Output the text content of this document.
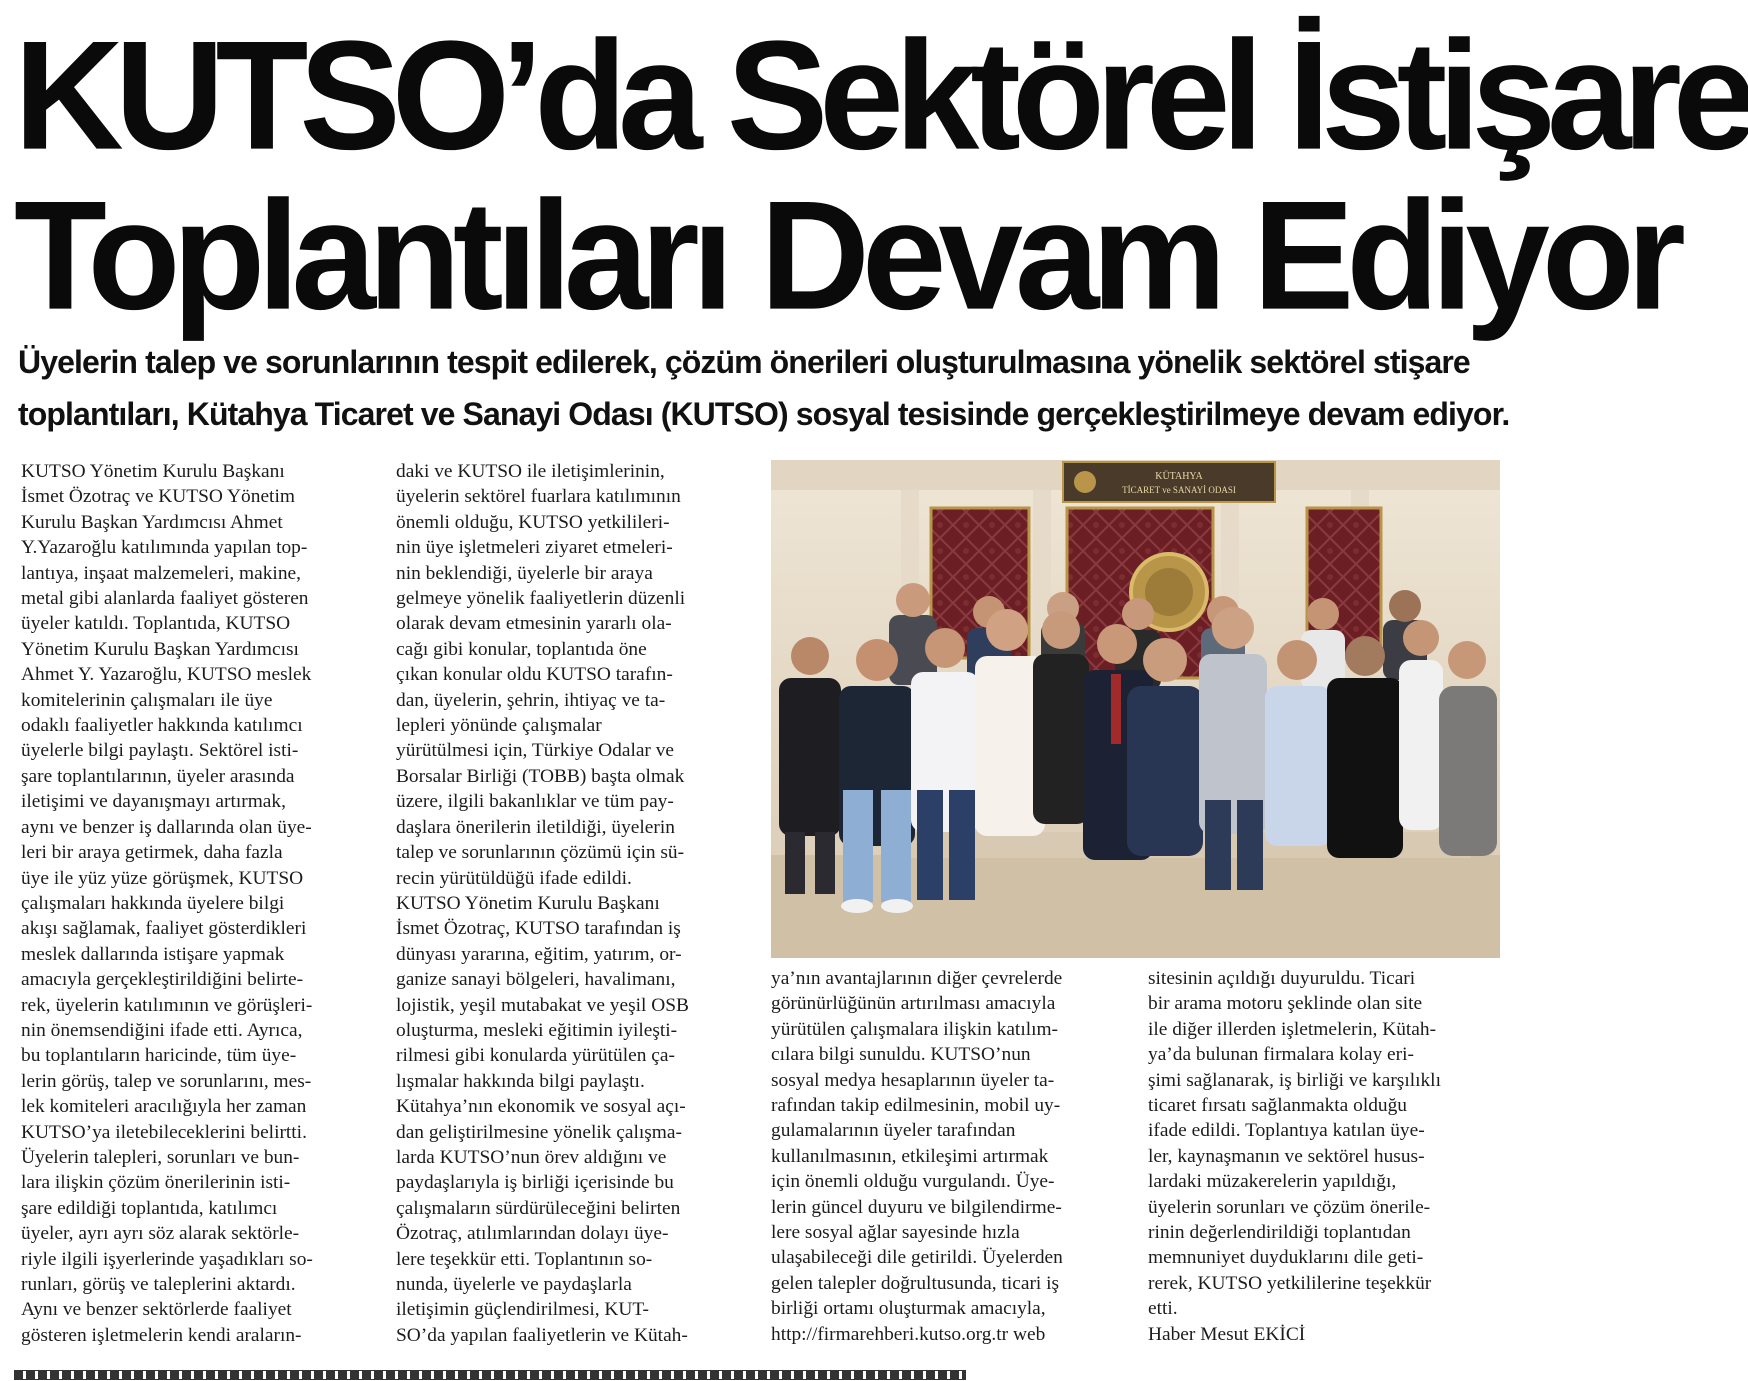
KUTSO’da Sektörel İstişare
Toplantıları Devam Ediyor

Üyelerin talep ve sorunlarının tespit edilerek, çözüm önerileri oluşturulmasına yönelik sektörel stişare
toplantıları, Kütahya Ticaret ve Sanayi Odası (KUTSO) sosyal tesisinde gerçekleştirilmeye devam ediyor.

KUTSO Yönetim Kurulu Başkanı
İsmet Özotraç ve KUTSO Yönetim
Kurulu Başkan Yardımcısı Ahmet
Y.Yazaroğlu katılımında yapılan top-
lantıya, inşaat malzemeleri, makine,
metal gibi alanlarda faaliyet gösteren
üyeler katıldı. Toplantıda, KUTSO
Yönetim Kurulu Başkan Yardımcısı
Ahmet Y. Yazaroğlu, KUTSO meslek
komitelerinin çalışmaları ile üye
odaklı faaliyetler hakkında katılımcı
üyelerle bilgi paylaştı. Sektörel isti-
şare toplantılarının, üyeler arasında
iletişimi ve dayanışmayı artırmak,
aynı ve benzer iş dallarında olan üye-
leri bir araya getirmek, daha fazla
üye ile yüz yüze görüşmek, KUTSO
çalışmaları hakkında üyelere bilgi
akışı sağlamak, faaliyet gösterdikleri
meslek dallarında istişare yapmak
amacıyla gerçekleştirildiğini belirte-
rek, üyelerin katılımının ve görüşleri-
nin önemsendiğini ifade etti. Ayrıca,
bu toplantıların haricinde, tüm üye-
lerin görüş, talep ve sorunlarını, mes-
lek komiteleri aracılığıyla her zaman
KUTSO’ya iletebileceklerini belirtti.
Üyelerin talepleri, sorunları ve bun-
lara ilişkin çözüm önerilerinin isti-
şare edildiği toplantıda, katılımcı
üyeler, ayrı ayrı söz alarak sektörle-
riyle ilgili işyerlerinde yaşadıkları so-
runları, görüş ve taleplerini aktardı.
Aynı ve benzer sektörlerde faaliyet
gösteren işletmelerin kendi araların-
daki ve KUTSO ile iletişimlerinin,
üyelerin sektörel fuarlara katılımının
önemli olduğu, KUTSO yetkilileri-
nin üye işletmeleri ziyaret etmeleri-
nin beklendiği, üyelerle bir araya
gelmeye yönelik faaliyetlerin düzenli
olarak devam etmesinin yararlı ola-
cağı gibi konular, toplantıda öne
çıkan konular oldu KUTSO tarafın-
dan, üyelerin, şehrin, ihtiyaç ve ta-
lepleri yönünde çalışmalar
yürütülmesi için, Türkiye Odalar ve
Borsalar Birliği (TOBB) başta olmak
üzere, ilgili bakanlıklar ve tüm pay-
daşlara önerilerin iletildiği, üyelerin
talep ve sorunlarının çözümü için sü-
recin yürütüldüğü ifade edildi.
KUTSO Yönetim Kurulu Başkanı
İsmet Özotraç, KUTSO tarafından iş
dünyası yararına, eğitim, yatırım, or-
ganize sanayi bölgeleri, havalimanı,
lojistik, yeşil mutabakat ve yeşil OSB
oluşturma, mesleki eğitimin iyileşti-
rilmesi gibi konularda yürütülen ça-
lışmalar hakkında bilgi paylaştı.
Kütahya’nın ekonomik ve sosyal açı-
dan geliştirilmesine yönelik çalışma-
larda KUTSO’nun örev aldığını ve
paydaşlarıyla iş birliği içerisinde bu
çalışmaların sürdürüleceğini belirten
Özotraç, atılımlarından dolayı üye-
lere teşekkür etti. Toplantının so-
nunda, üyelerle ve paydaşlarla
iletişimin güçlendirilmesi, KUT-
SO’da yapılan faaliyetlerin ve Kütah-
KÜTAHYA
TİCARET ve SANAYİ ODASI
ya’nın avantajlarının diğer çevrelerde
görünürlüğünün artırılması amacıyla
yürütülen çalışmalara ilişkin katılım-
cılara bilgi sunuldu. KUTSO’nun
sosyal medya hesaplarının üyeler ta-
rafından takip edilmesinin, mobil uy-
gulamalarının üyeler tarafından
kullanılmasının, etkileşimi artırmak
için önemli olduğu vurgulandı. Üye-
lerin güncel duyuru ve bilgilendirme-
lere sosyal ağlar sayesinde hızla
ulaşabileceği dile getirildi. Üyelerden
gelen talepler doğrultusunda, ticari iş
birliği ortamı oluşturmak amacıyla,
http://firmarehberi.kutso.org.tr web
sitesinin açıldığı duyuruldu. Ticari
bir arama motoru şeklinde olan site
ile diğer illerden işletmelerin, Kütah-
ya’da bulunan firmalara kolay eri-
şimi sağlanarak, iş birliği ve karşılıklı
ticaret fırsatı sağlanmakta olduğu
ifade edildi. Toplantıya katılan üye-
ler, kaynaşmanın ve sektörel husus-
lardaki müzakerelerin yapıldığı,
üyelerin sorunları ve çözüm önerile-
rinin değerlendirildiği toplantıdan
memnuniyet duyduklarını dile geti-
rerek, KUTSO yetkililerine teşekkür
etti.
Haber Mesut EKİCİ
